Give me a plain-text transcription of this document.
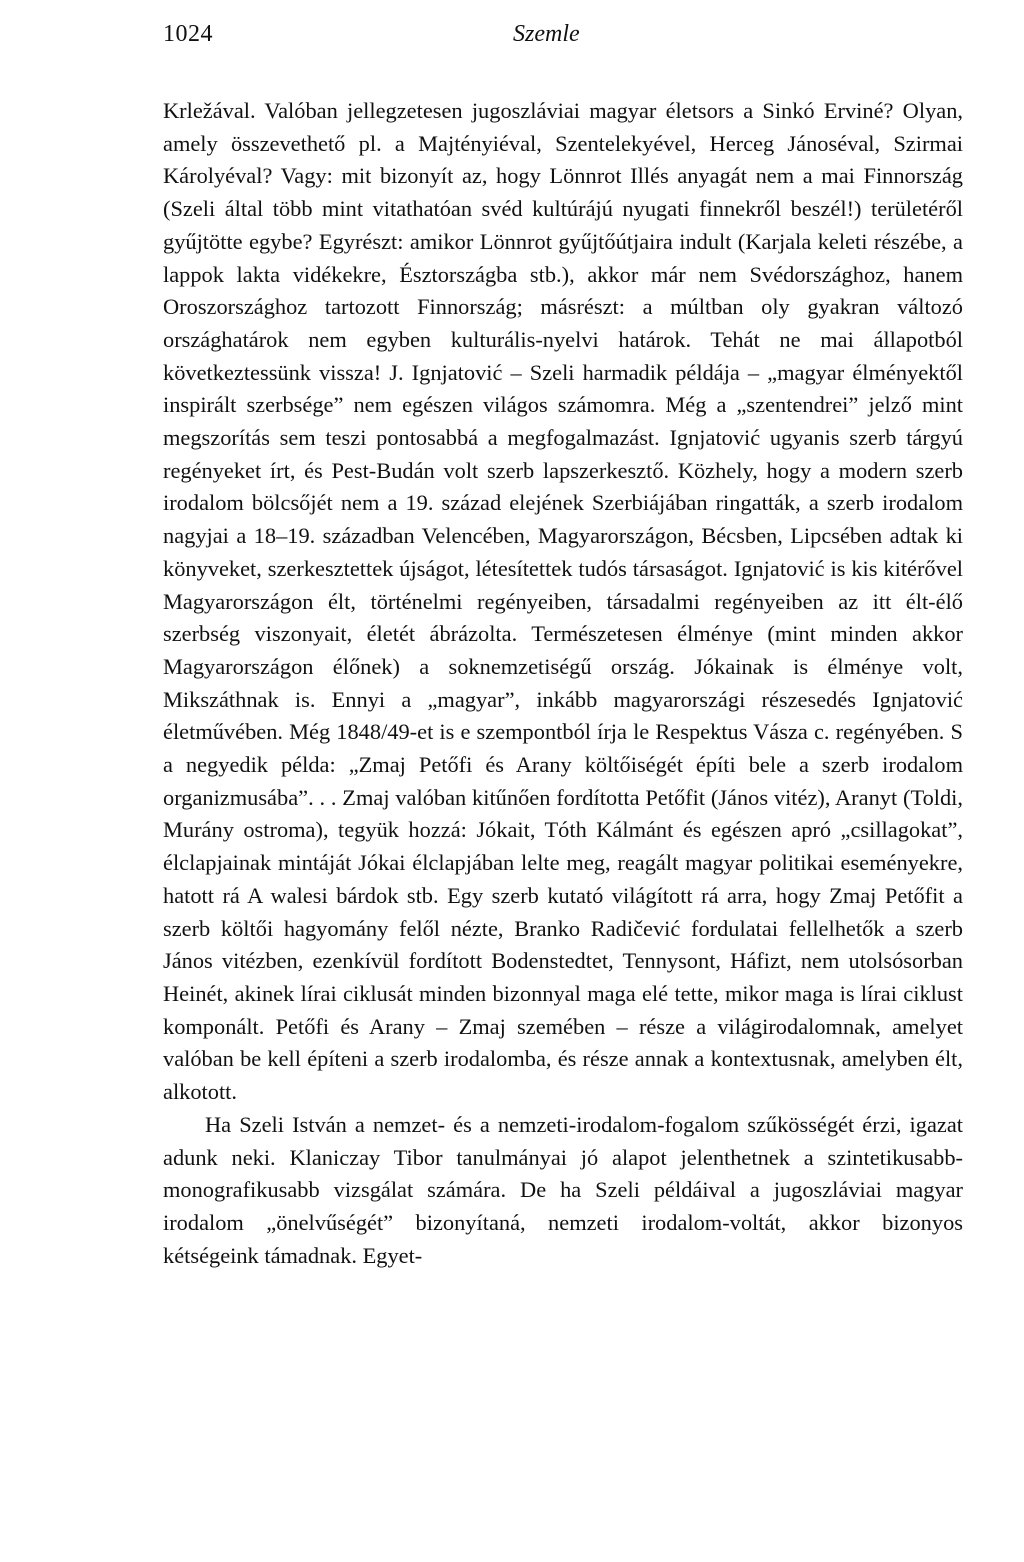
1024	Szemle

Krležával. Valóban jellegzetesen jugoszláviai magyar életsors a Sinkó Erviné? Olyan, amely összevethető pl. a Majtényiéval, Szentelekyével, Herceg Jánoséval, Szirmai Károlyéval? Vagy: mit bizonyít az, hogy Lönnrot Illés anyagát nem a mai Finnország (Szeli által több mint vitathatóan svéd kultúrájú nyugati finnekről beszél!) területéről gyűjtötte egybe? Egyrészt: amikor Lönnrot gyűjtőútjaira indult (Karjala keleti részébe, a lappok lakta vidékekre, Észtországba stb.), akkor már nem Svédországhoz, hanem Oroszországhoz tartozott Finnország; másrészt: a múltban oly gyakran változó országhatárok nem egyben kulturális-nyelvi határok. Tehát ne mai állapotból következtessünk vissza! J. Ignjatović – Szeli harmadik példája – „magyar élményektől inspirált szerbsége” nem egészen világos számomra. Még a „szentendrei” jelző mint megszorítás sem teszi pontosabbá a megfogalmazást. Ignjatović ugyanis szerb tárgyú regényeket írt, és Pest-Budán volt szerb lapszerkesztő. Közhely, hogy a modern szerb irodalom bölcsőjét nem a 19. század elejének Szerbiájában ringatták, a szerb irodalom nagyjai a 18–19. században Velencében, Magyarországon, Bécsben, Lipcsében adtak ki könyveket, szerkesztettek újságot, létesítettek tudós társaságot. Ignjatović is kis kitérővel Magyarországon élt, történelmi regényeiben, társadalmi regényeiben az itt élt-élő szerbség viszonyait, életét ábrázolta. Természetesen élménye (mint minden akkor Magyarországon élőnek) a soknemzetiségű ország. Jókainak is élménye volt, Mikszáthnak is. Ennyi a „magyar”, inkább magyarországi részesedés Ignjatović életművében. Még 1848/49-et is e szempontból írja le Respektus Vásza c. regényében. S a negyedik példa: „Zmaj Petőfi és Arany költőiségét építi bele a szerb irodalom organizmusába”. . . Zmaj valóban kitűnően fordította Petőfit (János vitéz), Aranyt (Toldi, Murány ostroma), tegyük hozzá: Jókait, Tóth Kálmánt és egészen apró „csillagokat”, élclapjainak mintáját Jókai élclapjában lelte meg, reagált magyar politikai eseményekre, hatott rá A walesi bárdok stb. Egy szerb kutató világított rá arra, hogy Zmaj Petőfit a szerb költői hagyomány felől nézte, Branko Radičević fordulatai fellelhetők a szerb János vitézben, ezenkívül fordított Bodenstedtet, Tennysont, Háfizt, nem utolsósorban Heinét, akinek lírai ciklusát minden bizonnyal maga elé tette, mikor maga is lírai ciklust komponált. Petőfi és Arany – Zmaj szemében – része a világirodalomnak, amelyet valóban be kell építeni a szerb irodalomba, és része annak a kontextusnak, amelyben élt, alkotott.

Ha Szeli István a nemzet- és a nemzeti-irodalom-fogalom szűkösségét érzi, igazat adunk neki. Klaniczay Tibor tanulmányai jó alapot jelenthetnek a szintetikusabb-monografikusabb vizsgálat számára. De ha Szeli példáival a jugoszláviai magyar irodalom „önelvűségét” bizonyítaná, nemzeti irodalom-voltát, akkor bizonyos kétségeink támadnak. Egyet-
